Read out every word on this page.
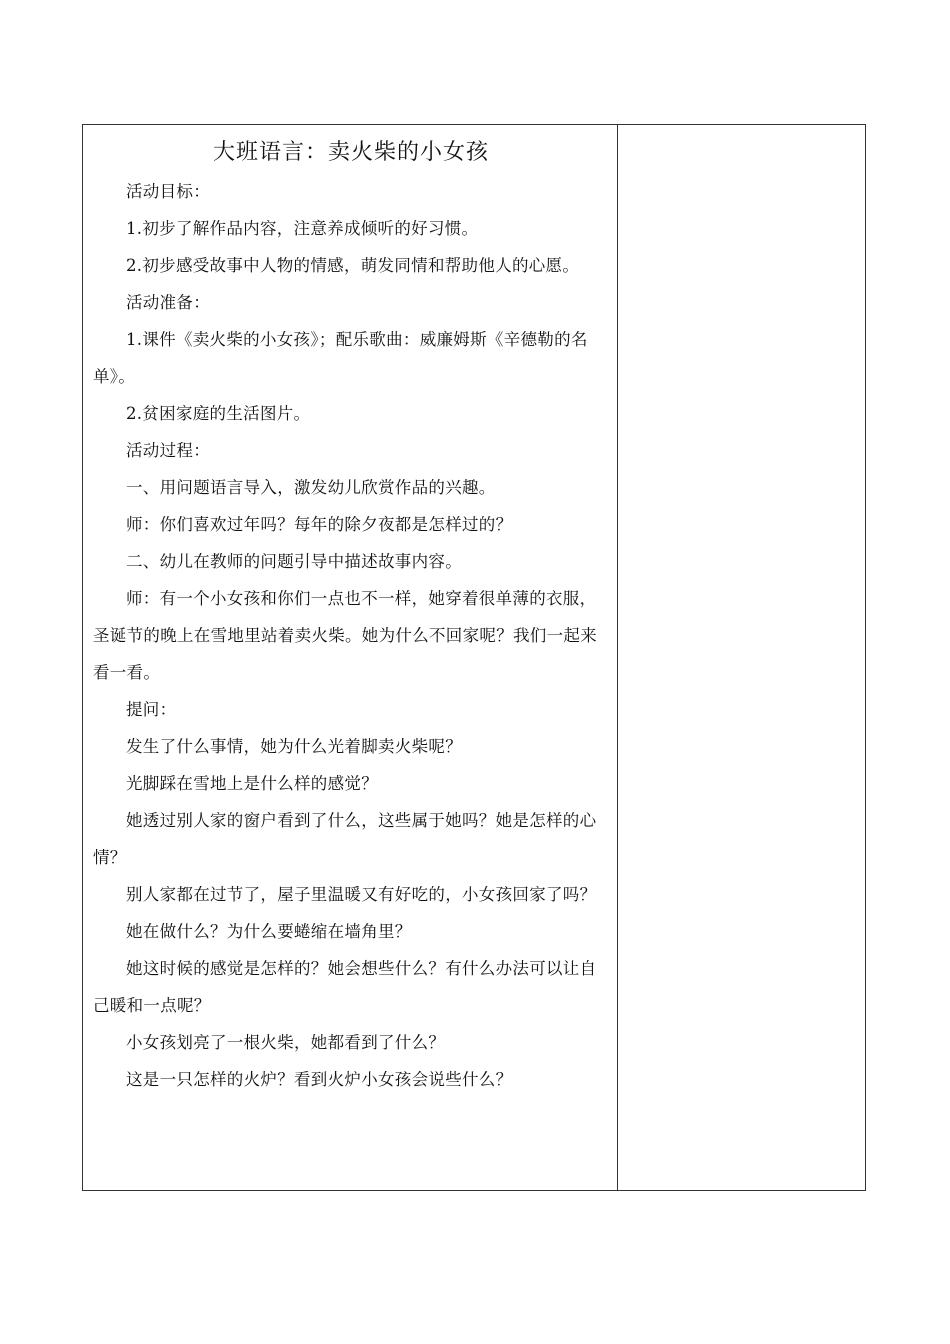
大班语言：卖火柴的小女孩

活动目标：

1.初步了解作品内容，注意养成倾听的好习惯。

2.初步感受故事中人物的情感，萌发同情和帮助他人的心愿。

活动准备：

1.课件《卖火柴的小女孩》；配乐歌曲：威廉姆斯《辛德勒的名单》。

2.贫困家庭的生活图片。

活动过程：

一、用问题语言导入，激发幼儿欣赏作品的兴趣。

师：你们喜欢过年吗？每年的除夕夜都是怎样过的？

二、幼儿在教师的问题引导中描述故事内容。

师：有一个小女孩和你们一点也不一样，她穿着很单薄的衣服，圣诞节的晚上在雪地里站着卖火柴。她为什么不回家呢？我们一起来看一看。

提问：

发生了什么事情，她为什么光着脚卖火柴呢？

光脚踩在雪地上是什么样的感觉？

她透过别人家的窗户看到了什么，这些属于她吗？她是怎样的心情？

别人家都在过节了，屋子里温暖又有好吃的，小女孩回家了吗？

她在做什么？为什么要蜷缩在墙角里？

她这时候的感觉是怎样的？她会想些什么？有什么办法可以让自己暖和一点呢？

小女孩划亮了一根火柴，她都看到了什么？

这是一只怎样的火炉？看到火炉小女孩会说些什么？
